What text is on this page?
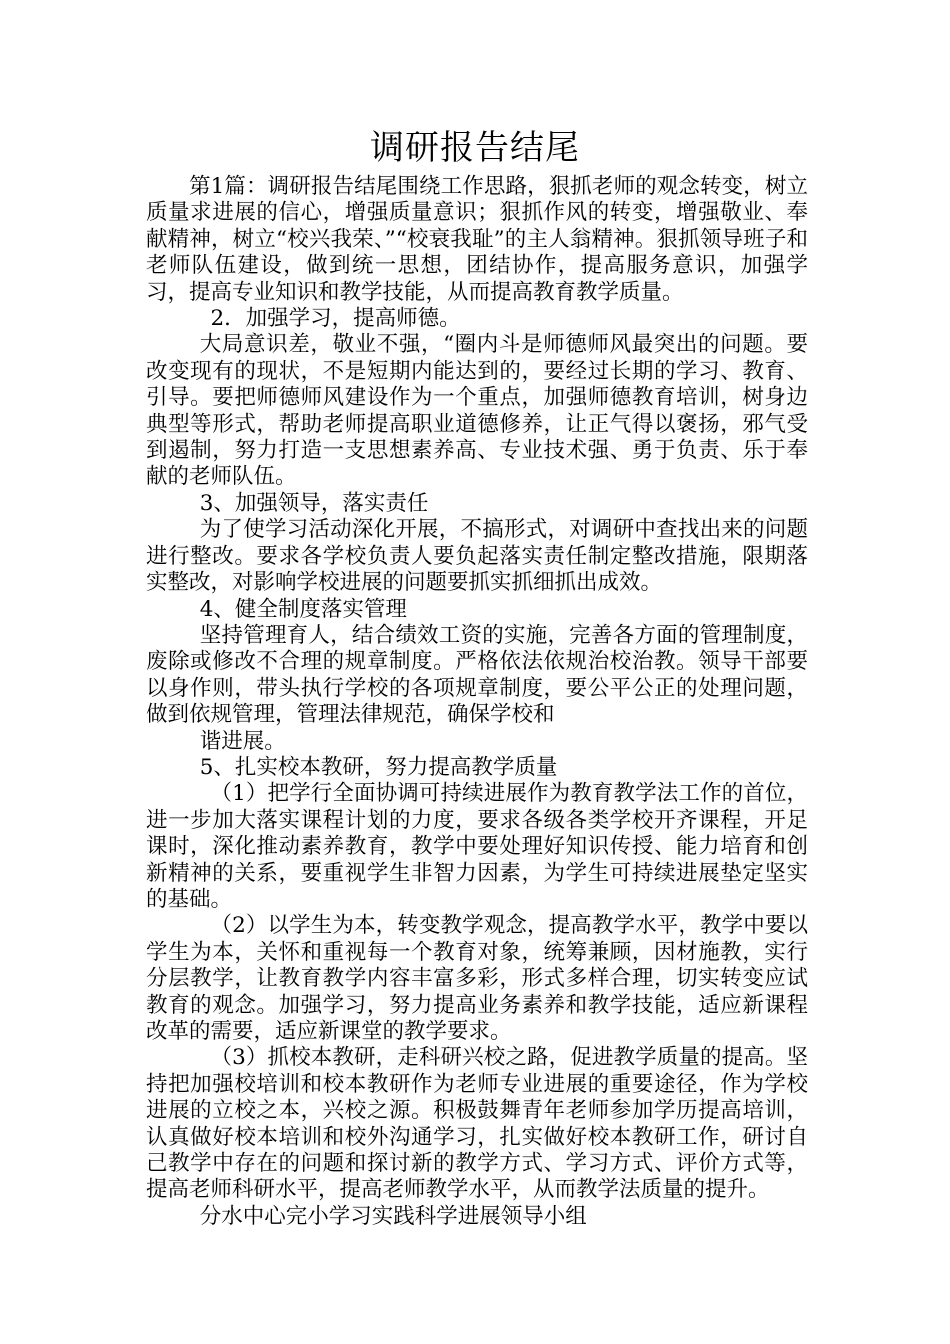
调研报告结尾

第1篇：调研报告结尾围绕工作思路，狠抓老师的观念转变，树立质量求进展的信心，增强质量意识；狠抓作风的转变，增强敬业、奉献精神，树立“校兴我荣、”“校衰我耻”的主人翁精神。狠抓领导班子和老师队伍建设，做到统一思想，团结协作，提高服务意识，加强学习，提高专业知识和教学技能，从而提高教育教学质量。

2．加强学习，提高师德。

大局意识差，敬业不强，“圈内斗是师德师风最突出的问题。要改变现有的现状，不是短期内能达到的，要经过长期的学习、教育、引导。要把师德师风建设作为一个重点，加强师德教育培训，树身边典型等形式，帮助老师提高职业道德修养，让正气得以褒扬，邪气受到遏制，努力打造一支思想素养高、专业技术强、勇于负责、乐于奉献的老师队伍。

3、加强领导，落实责任

为了使学习活动深化开展，不搞形式，对调研中查找出来的问题进行整改。要求各学校负责人要负起落实责任制定整改措施，限期落实整改，对影响学校进展的问题要抓实抓细抓出成效。

4、健全制度落实管理

坚持管理育人，结合绩效工资的实施，完善各方面的管理制度，废除或修改不合理的规章制度。严格依法依规治校治教。领导干部要以身作则，带头执行学校的各项规章制度，要公平公正的处理问题，做到依规管理，管理法律规范，确保学校和

谐进展。

5、扎实校本教研，努力提高教学质量

（1）把学行全面协调可持续进展作为教育教学法工作的首位，进一步加大落实课程计划的力度，要求各级各类学校开齐课程，开足课时，深化推动素养教育，教学中要处理好知识传授、能力培育和创新精神的关系，要重视学生非智力因素，为学生可持续进展垫定坚实的基础。

（2）以学生为本，转变教学观念，提高教学水平，教学中要以学生为本，关怀和重视每一个教育对象，统筹兼顾，因材施教，实行分层教学，让教育教学内容丰富多彩，形式多样合理，切实转变应试教育的观念。加强学习，努力提高业务素养和教学技能，适应新课程改革的需要，适应新课堂的教学要求。

（3）抓校本教研，走科研兴校之路，促进教学质量的提高。坚持把加强校培训和校本教研作为老师专业进展的重要途径，作为学校进展的立校之本，兴校之源。积极鼓舞青年老师参加学历提高培训，认真做好校本培训和校外沟通学习，扎实做好校本教研工作，研讨自己教学中存在的问题和探讨新的教学方式、学习方式、评价方式等，提高老师科研水平，提高老师教学水平，从而教学法质量的提升。

分水中心完小学习实践科学进展领导小组
